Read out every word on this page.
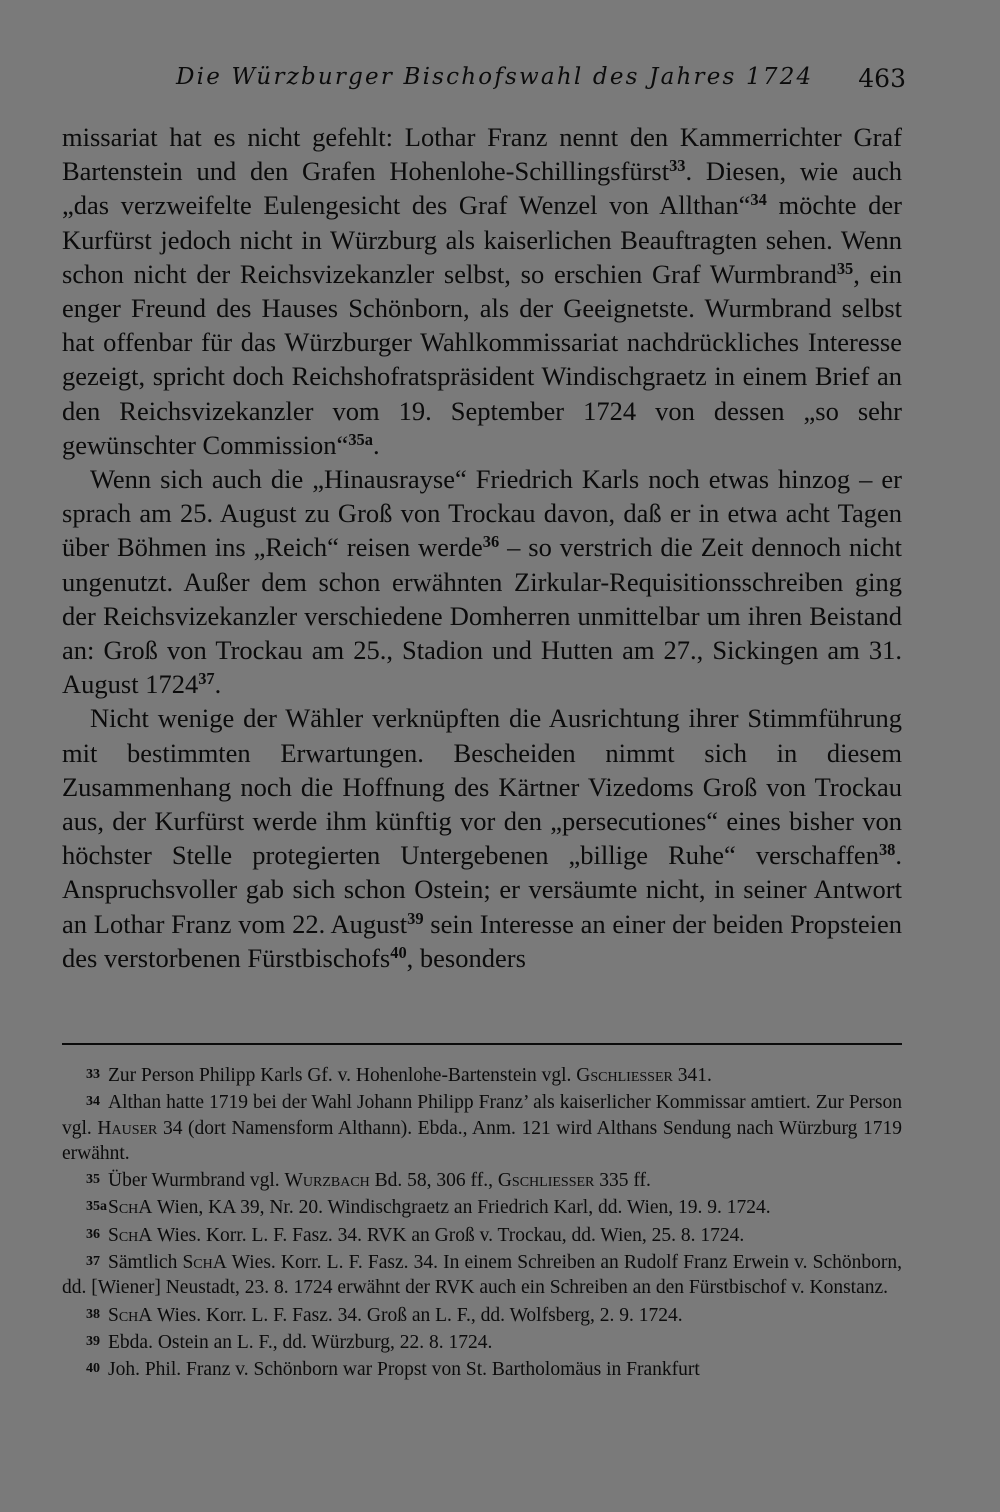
Die Würzburger Bischofswahl des Jahres 1724 463

missariat hat es nicht gefehlt: Lothar Franz nennt den Kammerrichter Graf Bartenstein und den Grafen Hohenlohe-Schillingsfürst$^{33}$. Diesen, wie auch „das verzweifelte Eulengesicht des Graf Wenzel von Allthan“$^{34}$ möchte der Kurfürst jedoch nicht in Würzburg als kaiserlichen Beauftragten sehen. Wenn schon nicht der Reichsvizekanzler selbst, so erschien Graf Wurmbrand$^{35}$, ein enger Freund des Hauses Schönborn, als der Geeignetste. Wurmbrand selbst hat offenbar für das Würzburger Wahlkommissariat nachdrückliches Interesse gezeigt, spricht doch Reichshofratspräsident Windischgraetz in einem Brief an den Reichsvizekanzler vom 19. September 1724 von dessen „so sehr gewünschter Commission“$^{35a}$.

Wenn sich auch die „Hinausrayse“ Friedrich Karls noch etwas hinzog – er sprach am 25. August zu Groß von Trockau davon, daß er in etwa acht Tagen über Böhmen ins „Reich“ reisen werde$^{36}$ – so verstrich die Zeit dennoch nicht ungenutzt. Außer dem schon erwähnten Zirkular-Requisitionsschreiben ging der Reichsvizekanzler verschiedene Domherren unmittelbar um ihren Beistand an: Groß von Trockau am 25., Stadion und Hutten am 27., Sickingen am 31. August 1724$^{37}$.

Nicht wenige der Wähler verknüpften die Ausrichtung ihrer Stimmführung mit bestimmten Erwartungen. Bescheiden nimmt sich in diesem Zusammenhang noch die Hoffnung des Kärtner Vizedoms Groß von Trockau aus, der Kurfürst werde ihm künftig vor den „persecutiones“ eines bisher von höchster Stelle protegierten Untergebenen „billige Ruhe“ verschaffen$^{38}$. Anspruchsvoller gab sich schon Ostein; er versäumte nicht, in seiner Antwort an Lothar Franz vom 22. August$^{39}$ sein Interesse an einer der beiden Propsteien des verstorbenen Fürstbischofs$^{40}$, besonders

33 Zur Person Philipp Karls Gf. v. Hohenlohe-Bartenstein vgl. Gschliesser 341.

34 Althan hatte 1719 bei der Wahl Johann Philipp Franz’ als kaiserlicher Kommissar amtiert. Zur Person vgl. Hauser 34 (dort Namensform Althann). Ebda., Anm. 121 wird Althans Sendung nach Würzburg 1719 erwähnt.

35 Über Wurmbrand vgl. Wurzbach Bd. 58, 306 ff., Gschliesser 335 ff.

35aSchA Wien, KA 39, Nr. 20. Windischgraetz an Friedrich Karl, dd. Wien, 19. 9. 1724.

36 SchA Wies. Korr. L. F. Fasz. 34. RVK an Groß v. Trockau, dd. Wien, 25. 8. 1724.

37 Sämtlich SchA Wies. Korr. L. F. Fasz. 34. In einem Schreiben an Rudolf Franz Erwein v. Schönborn, dd. [Wiener] Neustadt, 23. 8. 1724 erwähnt der RVK auch ein Schreiben an den Fürstbischof v. Konstanz.

38 SchA Wies. Korr. L. F. Fasz. 34. Groß an L. F., dd. Wolfsberg, 2. 9. 1724.

39 Ebda. Ostein an L. F., dd. Würzburg, 22. 8. 1724.

40 Joh. Phil. Franz v. Schönborn war Propst von St. Bartholomäus in Frankfurt
